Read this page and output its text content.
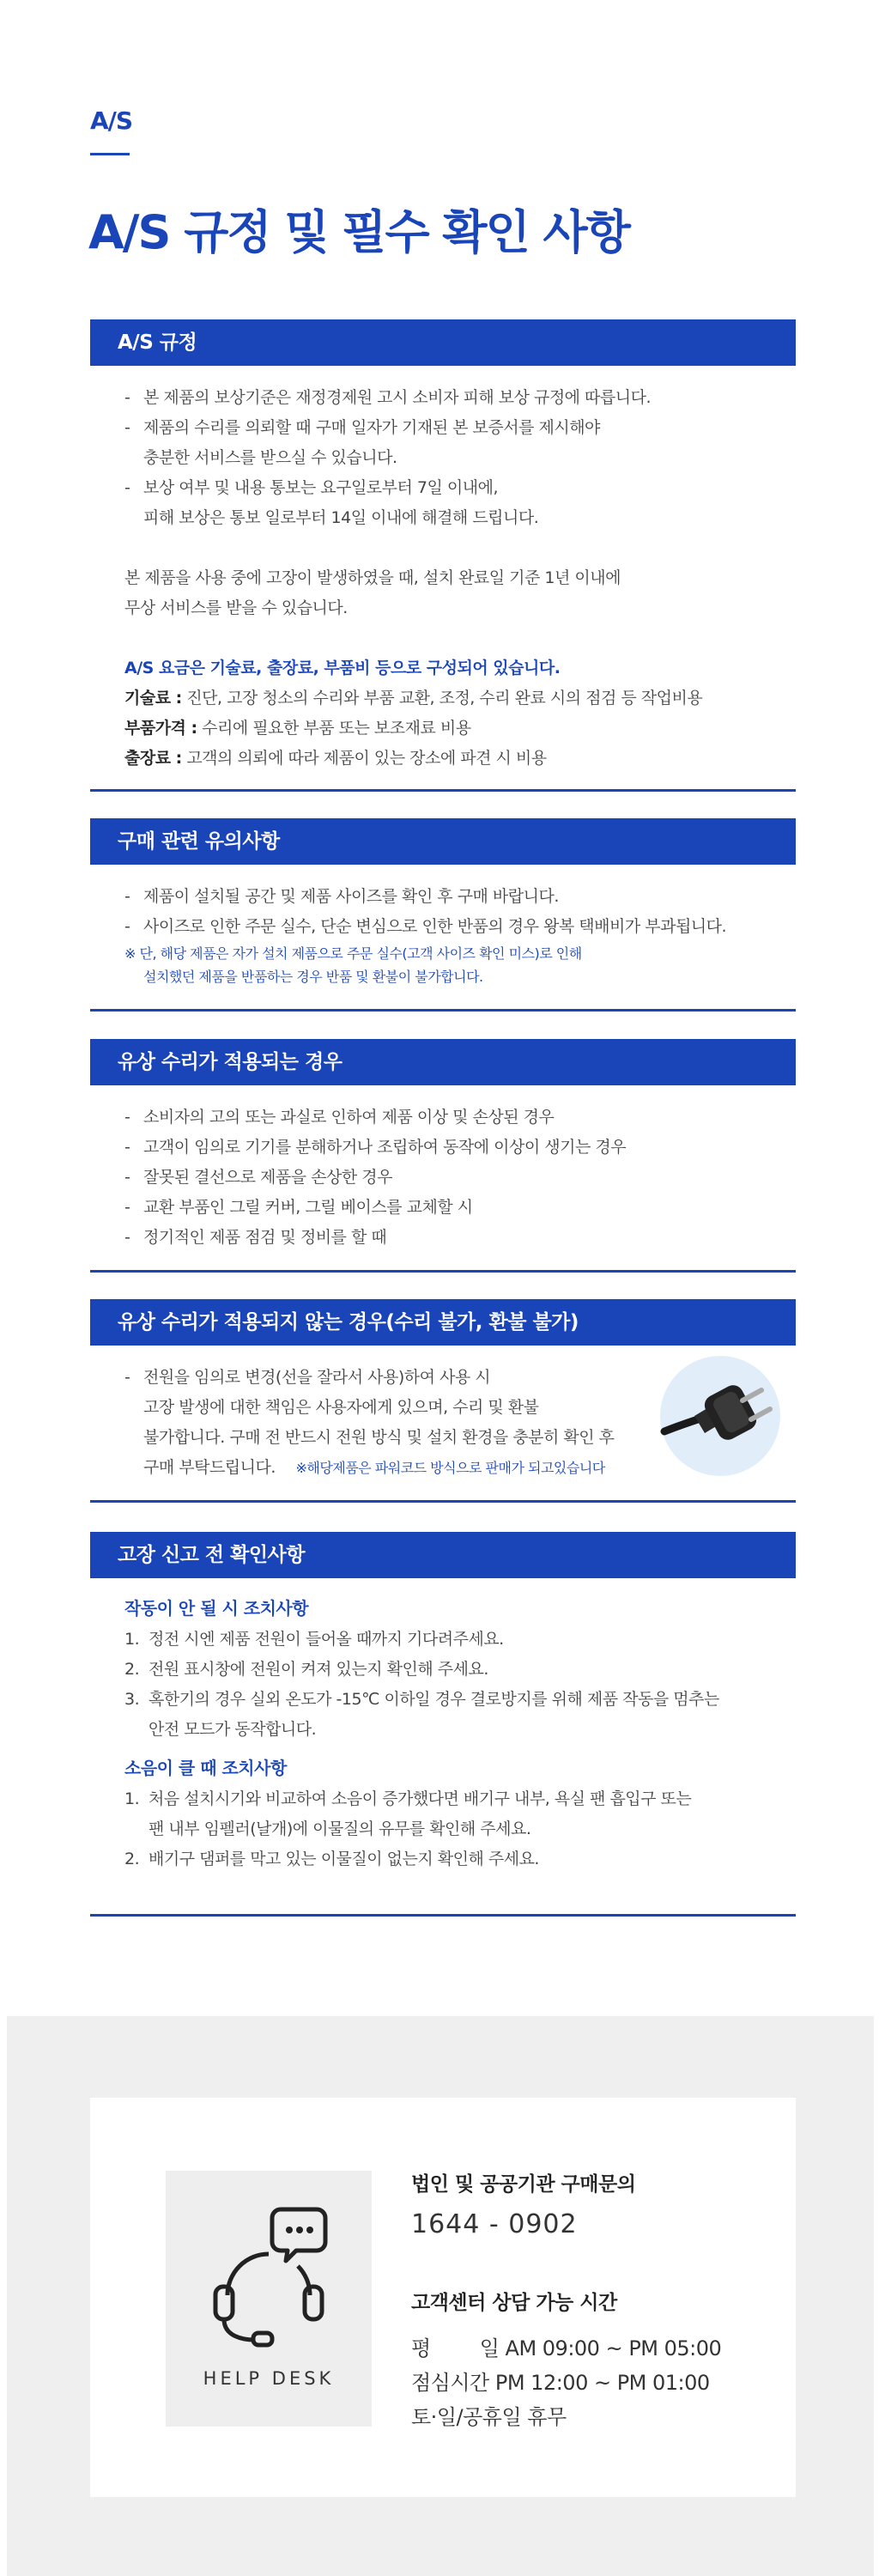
A/S
A/S 규정 및 필수 확인 사항
A/S 규정
- 본 제품의 보상기준은 재정경제원 고시 소비자 피해 보상 규정에 따릅니다.
- 제품의 수리를 의뢰할 때 구매 일자가 기재된 본 보증서를 제시해야
충분한 서비스를 받으실 수 있습니다.
- 보상 여부 및 내용 통보는 요구일로부터 7일 이내에,
피해 보상은 통보 일로부터 14일 이내에 해결해 드립니다.
본 제품을 사용 중에 고장이 발생하였을 때, 설치 완료일 기준 1년 이내에
무상 서비스를 받을 수 있습니다.
A/S 요금은 기술료, 출장료, 부품비 등으로 구성되어 있습니다.
기술료 : 진단, 고장 청소의 수리와 부품 교환, 조정, 수리 완료 시의 점검 등 작업비용
부품가격 : 수리에 필요한 부품 또는 보조재료 비용
출장료 : 고객의 의뢰에 따라 제품이 있는 장소에 파견 시 비용
구매 관련 유의사항
- 제품이 설치될 공간 및 제품 사이즈를 확인 후 구매 바랍니다.
- 사이즈로 인한 주문 실수, 단순 변심으로 인한 반품의 경우 왕복 택배비가 부과됩니다.
※ 단, 해당 제품은 자가 설치 제품으로 주문 실수(고객 사이즈 확인 미스)로 인해
설치했던 제품을 반품하는 경우 반품 및 환불이 불가합니다.
유상 수리가 적용되는 경우
- 소비자의 고의 또는 과실로 인하여 제품 이상 및 손상된 경우
- 고객이 임의로 기기를 분해하거나 조립하여 동작에 이상이 생기는 경우
- 잘못된 결선으로 제품을 손상한 경우
- 교환 부품인 그릴 커버, 그릴 베이스를 교체할 시
- 정기적인 제품 점검 및 정비를 할 때
유상 수리가 적용되지 않는 경우(수리 불가, 환불 불가)
- 전원을 임의로 변경(선을 잘라서 사용)하여 사용 시
고장 발생에 대한 책임은 사용자에게 있으며, 수리 및 환불
불가합니다. 구매 전 반드시 전원 방식 및 설치 환경을 충분히 확인 후
구매 부탁드립니다. ※해당제품은 파워코드 방식으로 판매가 되고있습니다
고장 신고 전 확인사항
작동이 안 될 시 조치사항
1. 정전 시엔 제품 전원이 들어올 때까지 기다려주세요.
2. 전원 표시창에 전원이 켜져 있는지 확인해 주세요.
3. 혹한기의 경우 실외 온도가 -15℃ 이하일 경우 결로방지를 위해 제품 작동을 멈추는
안전 모드가 동작합니다.
소음이 클 때 조치사항
1. 처음 설치시기와 비교하여 소음이 증가했다면 배기구 내부, 욕실 팬 흡입구 또는
팬 내부 임펠러(날개)에 이물질의 유무를 확인해 주세요.
2. 배기구 댐퍼를 막고 있는 이물질이 없는지 확인해 주세요.
HELP DESK
법인 및 공공기관 구매문의
1644 - 0902
고객센터 상담 가능 시간
평        일 AM 09:00 ~ PM 05:00
점심시간 PM 12:00 ~ PM 01:00
토·일/공휴일 휴무
